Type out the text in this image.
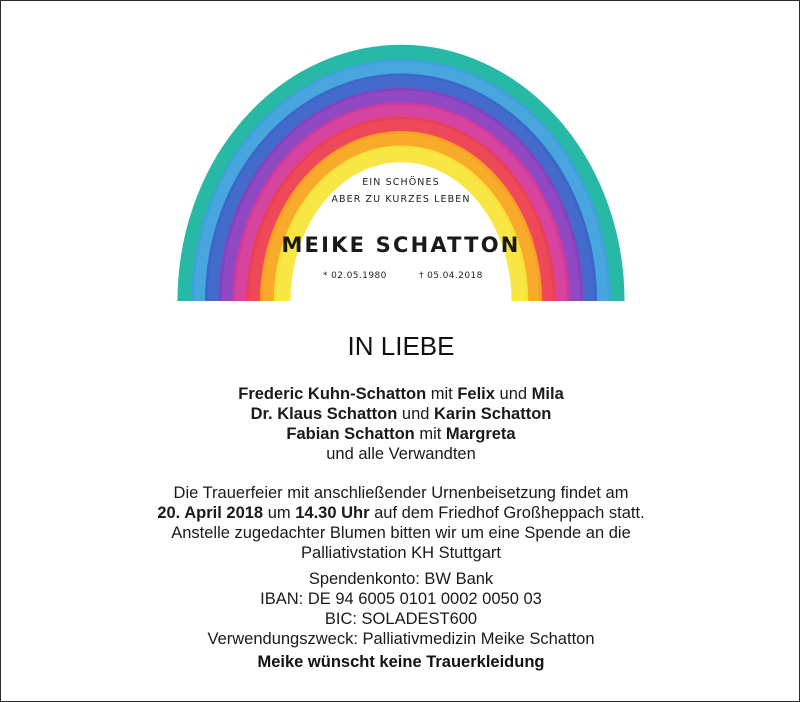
EIN SCHÖNES
ABER ZU KURZES LEBEN
MEIKE SCHATTON
* 02.05.1980	† 05.04.2018
IN LIEBE
Frederic Kuhn-Schatton mit Felix und Mila
Dr. Klaus Schatton und Karin Schatton
Fabian Schatton mit Margreta
und alle Verwandten
Die Trauerfeier mit anschließender Urnenbeisetzung findet am
20. April 2018 um 14.30 Uhr auf dem Friedhof Großheppach statt.
Anstelle zugedachter Blumen bitten wir um eine Spende an die
Palliativstation KH Stuttgart
Spendenkonto: BW Bank
IBAN: DE 94 6005 0101 0002 0050 03
BIC: SOLADEST600
Verwendungszweck: Palliativmedizin Meike Schatton
Meike wünscht keine Trauerkleidung
